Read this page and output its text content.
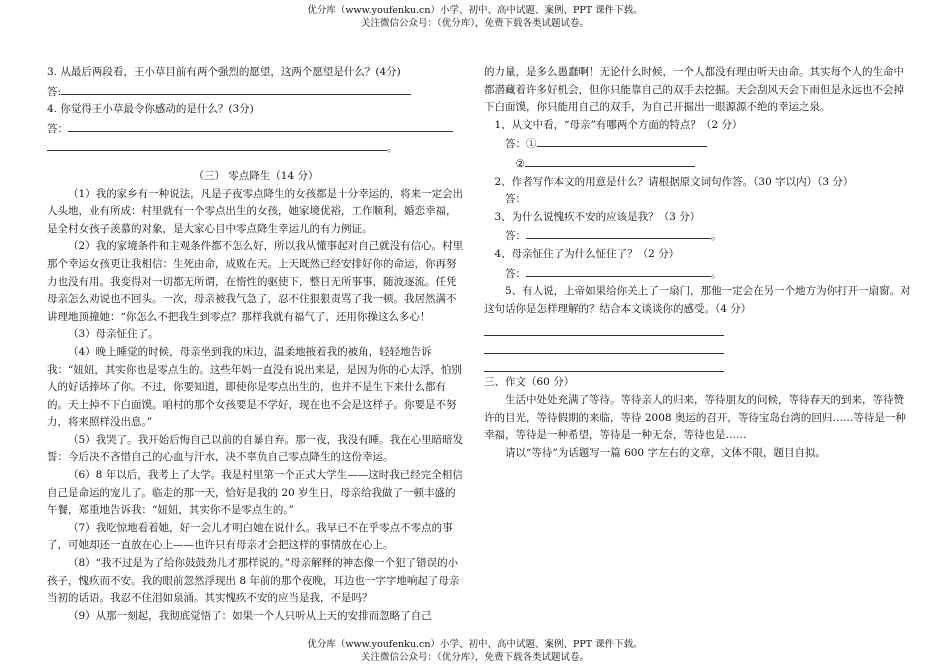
优分库（www.youfenku.cn）小学、初中、高中试题、案例、PPT 课件下载。
关注微信公众号：（优分库），免费下载各类试题试卷。

3. 从最后两段看，王小草目前有两个强烈的愿望，这两个愿望是什么？(4分)

答:

4. 你觉得王小草最令你感动的是什么？(3分)

答：

。

（三） 零点降生（14 分）

（1）我的家乡有一种说法，凡是子夜零点降生的女孩都是十分幸运的，将来一定会出人头地，业有所成：村里就有一个零点出生的女孩，她家境优裕，工作顺利，婚恋幸福，是全村女孩子羡慕的对象，是大家心目中零点降生幸运儿的有力例证。

（2）我的家境条件和主观条件都不怎么好，所以我从懂事起对自己就没有信心。村里那个幸运女孩更让我相信：生死由命，成败在天。上天既然已经安排好你的命运，你再努力也没有用。我变得对一切都无所谓，在惰性的驱使下，整日无所事事，随波逐流。任凭母亲怎么劝说也不回头。一次，母亲被我气急了，忍不住狠狠责骂了我一顿。我居然满不讲理地顶撞她：“你怎么不把我生到零点？那样我就有福气了，还用你操这么多心！

（3）母亲怔住了。

（4）晚上睡觉的时候，母亲坐到我的床边，温柔地掖着我的被角，轻轻地告诉我：“妞妞，其实你也是零点生的。这些年妈一直没有说出来是，是因为你的心太浮，怕别人的好话捧坏了你。不过，你要知道，即使你是零点出生的，也并不是生下来什么都有的。天上掉不下白面馍。咱村的那个女孩要是不学好，现在也不会是这样子。你要是不努力，将来照样没出息。”

（5）我哭了。我开始后悔自己以前的自暴自弃。那一夜，我没有睡。我在心里暗暗发誓：今后决不吝惜自己的心血与汗水，决不辜负自己零点降生的这份幸运。

（6）8 年以后，我考上了大学。我是村里第一个正式大学生——这时我已经完全相信自己是命运的宠儿了。临走的那一天，恰好是我的 20 岁生日，母亲给我做了一顿丰盛的午餐，郑重地告诉我：“妞妞，其实你不是零点生的。”

（7）我吃惊地看着她，好一会儿才明白她在说什么。我早已不在乎零点不零点的事了，可她却还一直放在心上——也许只有母亲才会把这样的事情放在心上。

（8）“我不过是为了给你鼓鼓劲儿才那样说的。”母亲解释的神态像一个犯了错误的小孩子，愧疚而不安。我的眼前忽然浮现出 8 年前的那个夜晚，耳边也一字字地响起了母亲当初的话语。我忍不住泪如泉涌。其实愧疚不安的应当是我，不是吗？

（9）从那一刻起，我彻底觉悟了：如果一个人只听从上天的安排而忽略了自己

的力量，是多么愚蠢啊！无论什么时候，一个人都没有理由听天由命。其实每个人的生命中都潜藏着许多好机会，但你只能靠自己的双手去挖掘。天会刮风天会下雨但是永远也不会掉下白面馍，你只能用自己的双手，为自己开掘出一眼源源不绝的幸运之泉。

1、从文中看，“母亲”有哪两个方面的特点？（2 分）

答：①

②

2、作者写作本文的用意是什么？请根据原文词句作答。（30 字以内）（3 分）

答：

3、为什么说愧疚不安的应该是我？（3 分）

答：	。

4、母亲怔住了为什么怔住了？（2 分）

答：	。

5、有人说，上帝如果给你关上了一扇门，那他一定会在另一个地方为你打开一扇窗。对这句话你是怎样理解的？结合本文谈谈你的感受。（4 分）

三、作文（60 分）

生活中处处充满了等待。等待亲人的归来，等待朋友的问候，等待春天的到来，等待赞许的目光，等待假期的来临，等待 2008 奥运的召开，等待宝岛台湾的回归……等待是一种幸福，等待是一种希望，等待是一种无奈，等待也是……

请以“等待”为话题写一篇 600 字左右的文章，文体不限，题目自拟。

优分库（www.youfenku.cn）小学、初中、高中试题、案例、PPT 课件下载。
关注微信公众号：（优分库），免费下载各类试题试卷。
